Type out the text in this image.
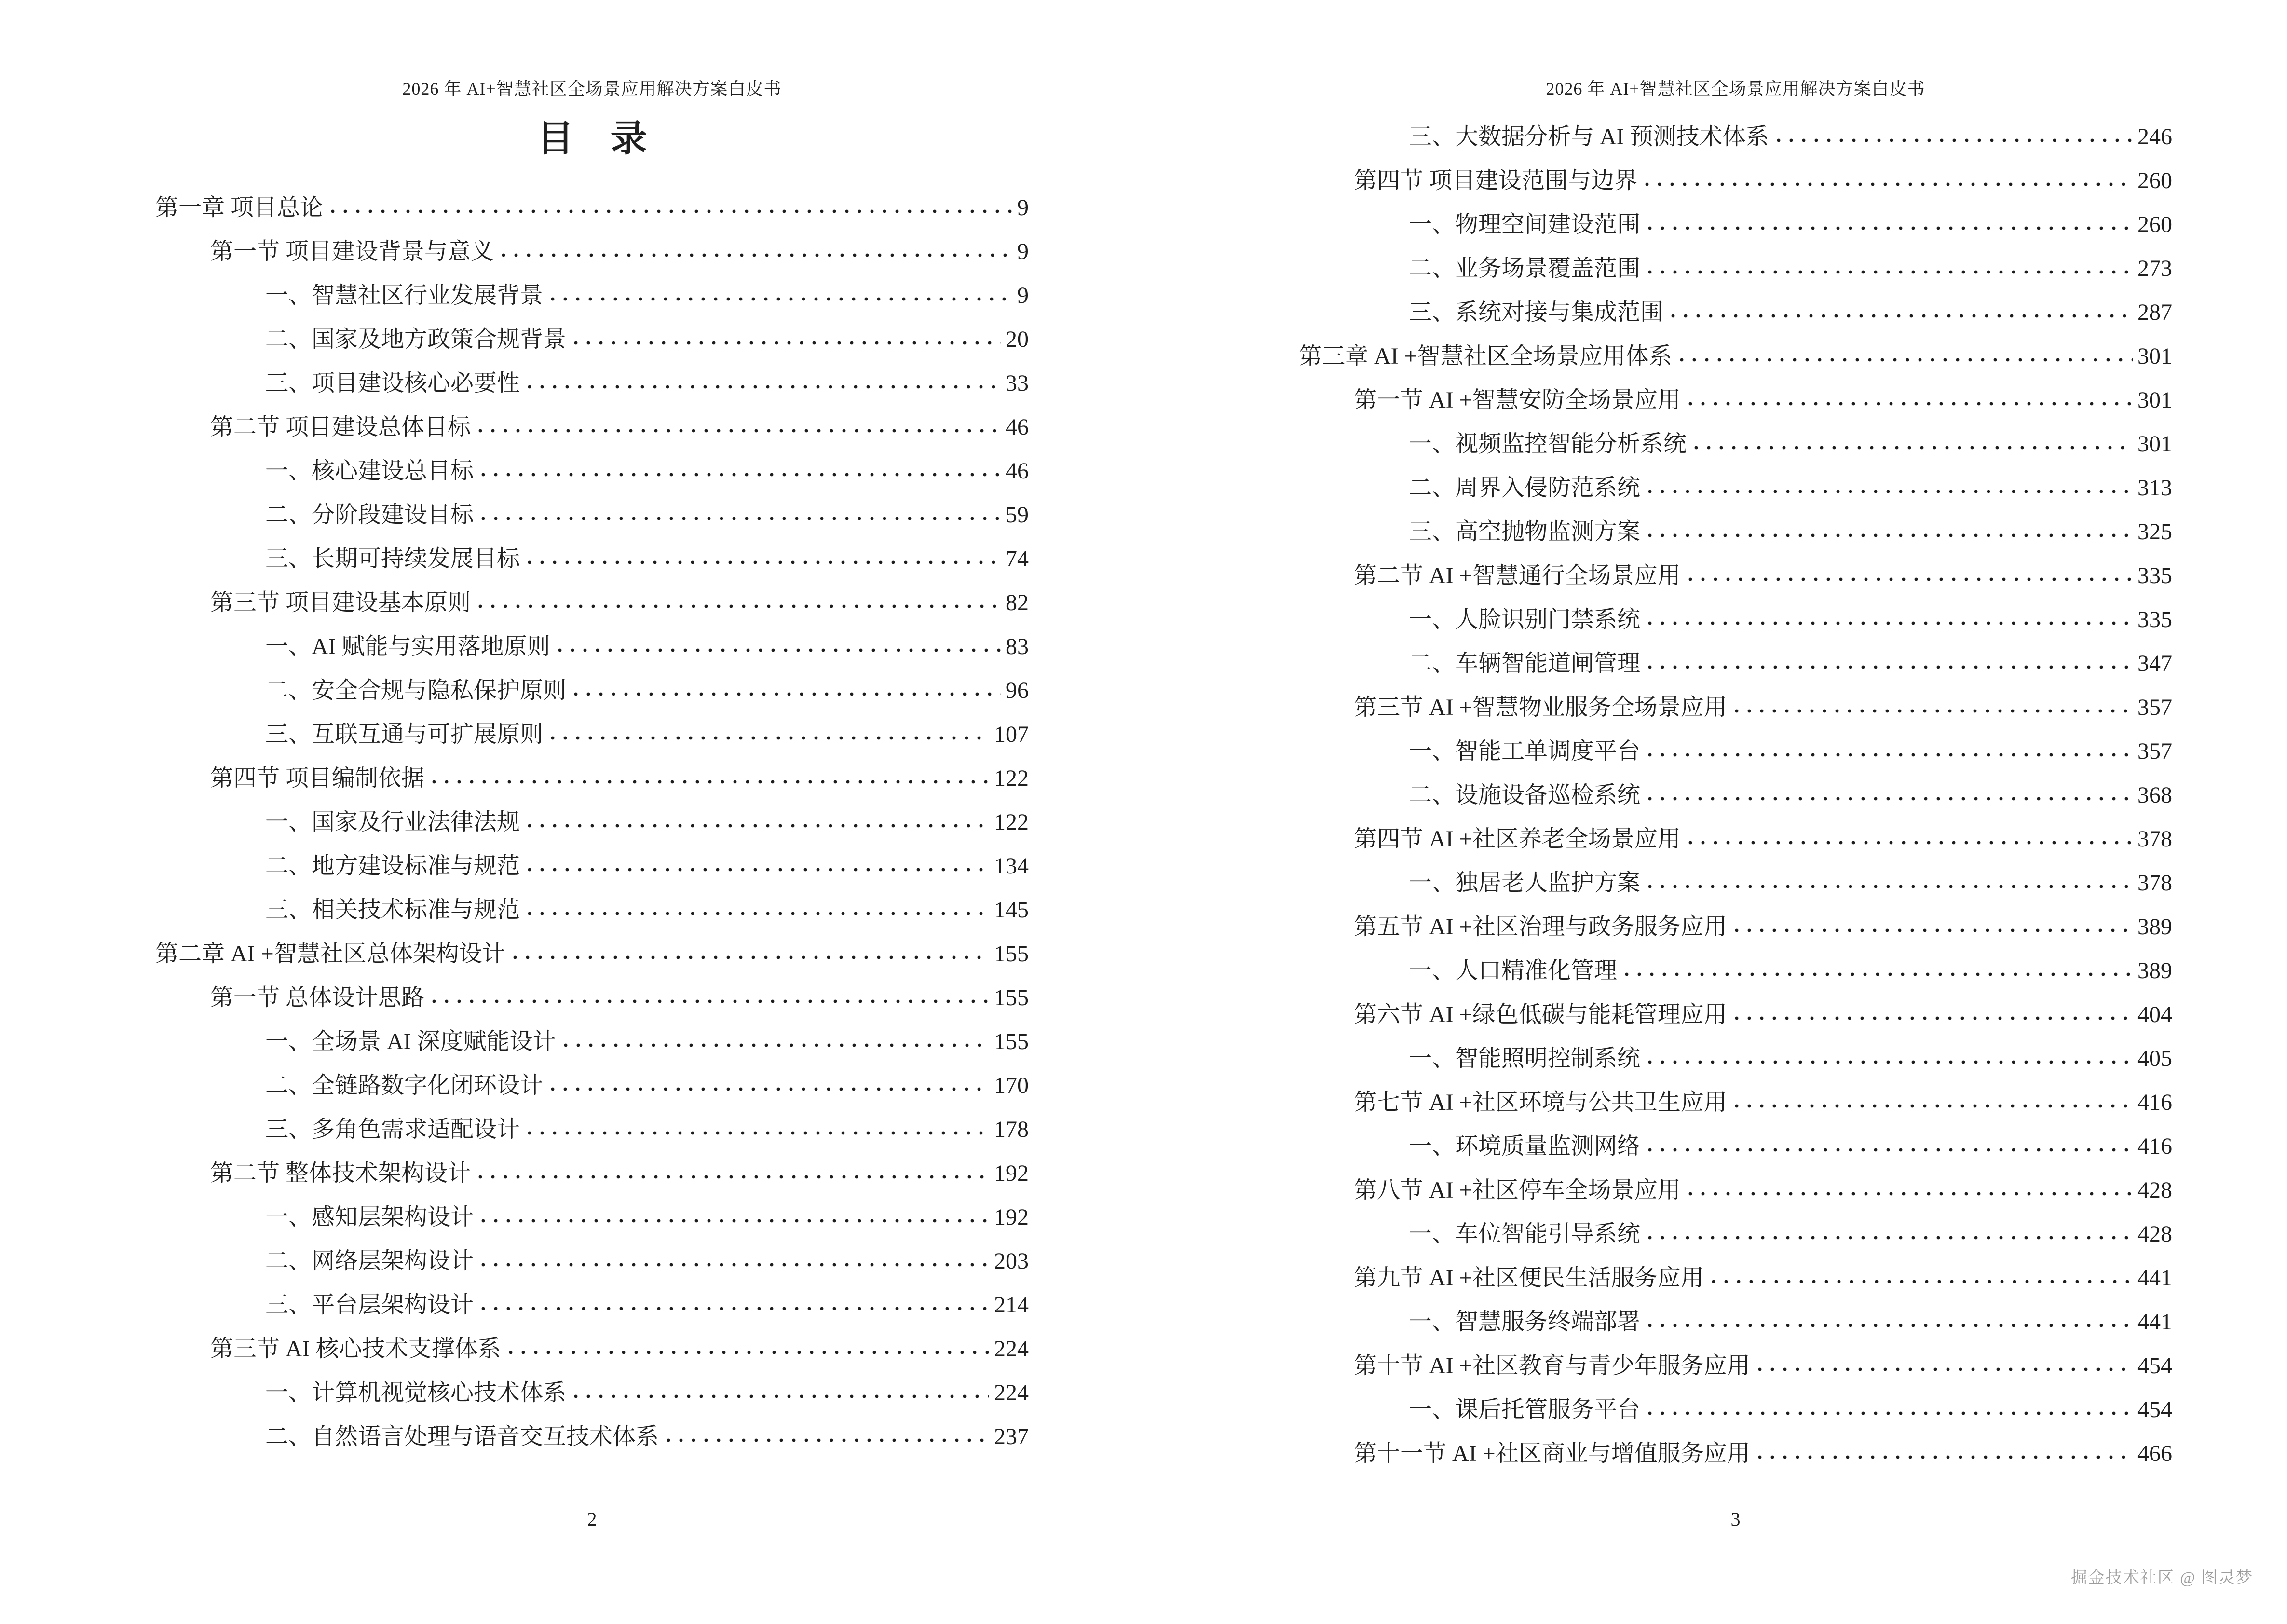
2026 年 AI+智慧社区全场景应用解决方案白皮书
目　录
第一章 项目总论	9
第一节 项目建设背景与意义	9
一、智慧社区行业发展背景	9
二、国家及地方政策合规背景	20
三、项目建设核心必要性	33
第二节 项目建设总体目标	46
一、核心建设总目标	46
二、分阶段建设目标	59
三、长期可持续发展目标	74
第三节 项目建设基本原则	82
一、AI 赋能与实用落地原则	83
二、安全合规与隐私保护原则	96
三、互联互通与可扩展原则	107
第四节 项目编制依据	122
一、国家及行业法律法规	122
二、地方建设标准与规范	134
三、相关技术标准与规范	145
第二章 AI +智慧社区总体架构设计	155
第一节 总体设计思路	155
一、全场景 AI 深度赋能设计	155
二、全链路数字化闭环设计	170
三、多角色需求适配设计	178
第二节 整体技术架构设计	192
一、感知层架构设计	192
二、网络层架构设计	203
三、平台层架构设计	214
第三节 AI 核心技术支撑体系	224
一、计算机视觉核心技术体系	224
二、自然语言处理与语音交互技术体系	237
2
2026 年 AI+智慧社区全场景应用解决方案白皮书
三、大数据分析与 AI 预测技术体系	246
第四节 项目建设范围与边界	260
一、物理空间建设范围	260
二、业务场景覆盖范围	273
三、系统对接与集成范围	287
第三章 AI +智慧社区全场景应用体系	301
第一节 AI +智慧安防全场景应用	301
一、视频监控智能分析系统	301
二、周界入侵防范系统	313
三、高空抛物监测方案	325
第二节 AI +智慧通行全场景应用	335
一、人脸识别门禁系统	335
二、车辆智能道闸管理	347
第三节 AI +智慧物业服务全场景应用	357
一、智能工单调度平台	357
二、设施设备巡检系统	368
第四节 AI +社区养老全场景应用	378
一、独居老人监护方案	378
第五节 AI +社区治理与政务服务应用	389
一、人口精准化管理	389
第六节 AI +绿色低碳与能耗管理应用	404
一、智能照明控制系统	405
第七节 AI +社区环境与公共卫生应用	416
一、环境质量监测网络	416
第八节 AI +社区停车全场景应用	428
一、车位智能引导系统	428
第九节 AI +社区便民生活服务应用	441
一、智慧服务终端部署	441
第十节 AI +社区教育与青少年服务应用	454
一、课后托管服务平台	454
第十一节 AI +社区商业与增值服务应用	466
3
掘金技术社区 @ 图灵梦
